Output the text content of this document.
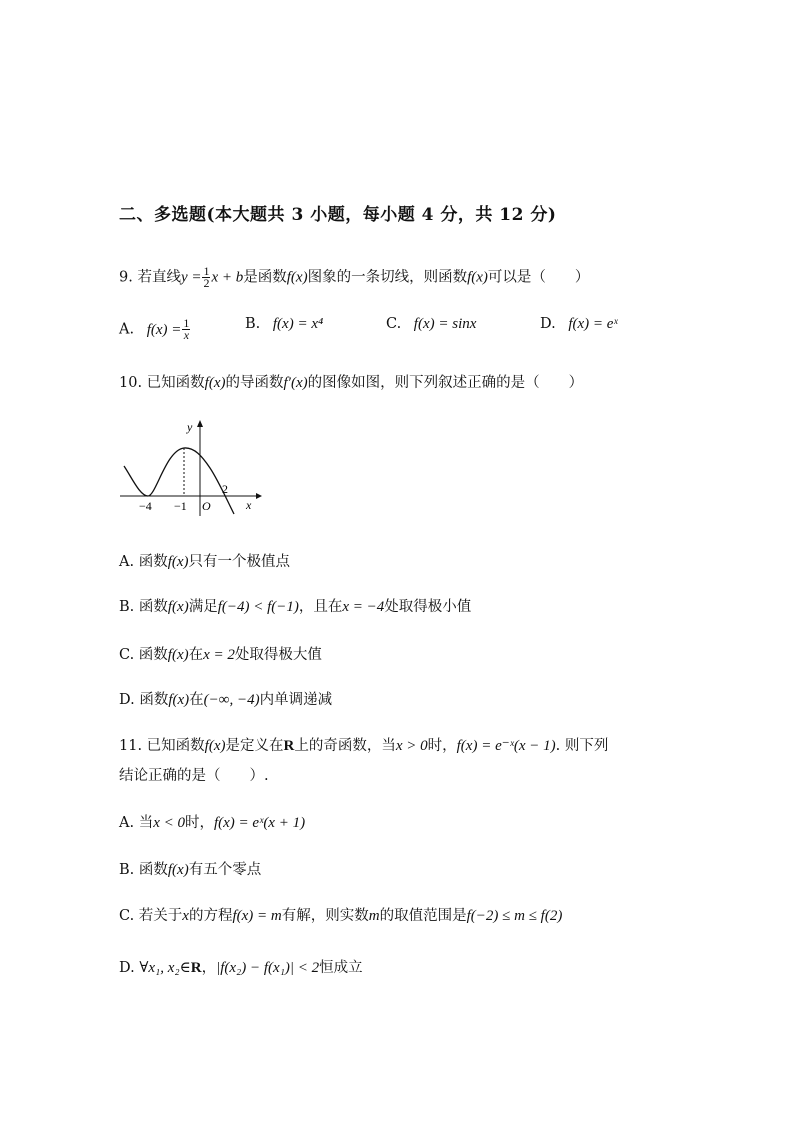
二、多选题(本大题共 3 小题，每小题 4 分，共 12 分)
9. 若直线$y = \frac{1}{2}$ x + b是函数f(x)图象的一条切线，则函数f(x)可以是（　　）
A. $f(x) = \frac{1}{x}$	B. f(x) = x⁴	C. f(x) = sinx	D. f(x) = eˣ
10. 已知函数f(x)的导函数f′(x)的图像如图，则下列叙述正确的是（　　）
y
x
O
−4 −1
2
A. 函数f(x)只有一个极值点
B. 函数f(x)满足f(−4) < f(−1)，且在x = −4处取得极小值
C. 函数f(x)在x = 2处取得极大值
D. 函数f(x)在(−∞, −4)内单调递减
11. 已知函数f(x)是定义在R上的奇函数，当x > 0时，f(x) = e⁻ˣ(x − 1). 则下列
结论正确的是（　　）.
A. 当x < 0时，f(x) = eˣ(x + 1)
B. 函数f(x)有五个零点
C. 若关于x的方程f(x) = m有解，则实数m的取值范围是f(−2) ≤ m ≤ f(2)
D. ∀x₁, x₂∈R，|f(x₂) − f(x₁)| < 2恒成立
